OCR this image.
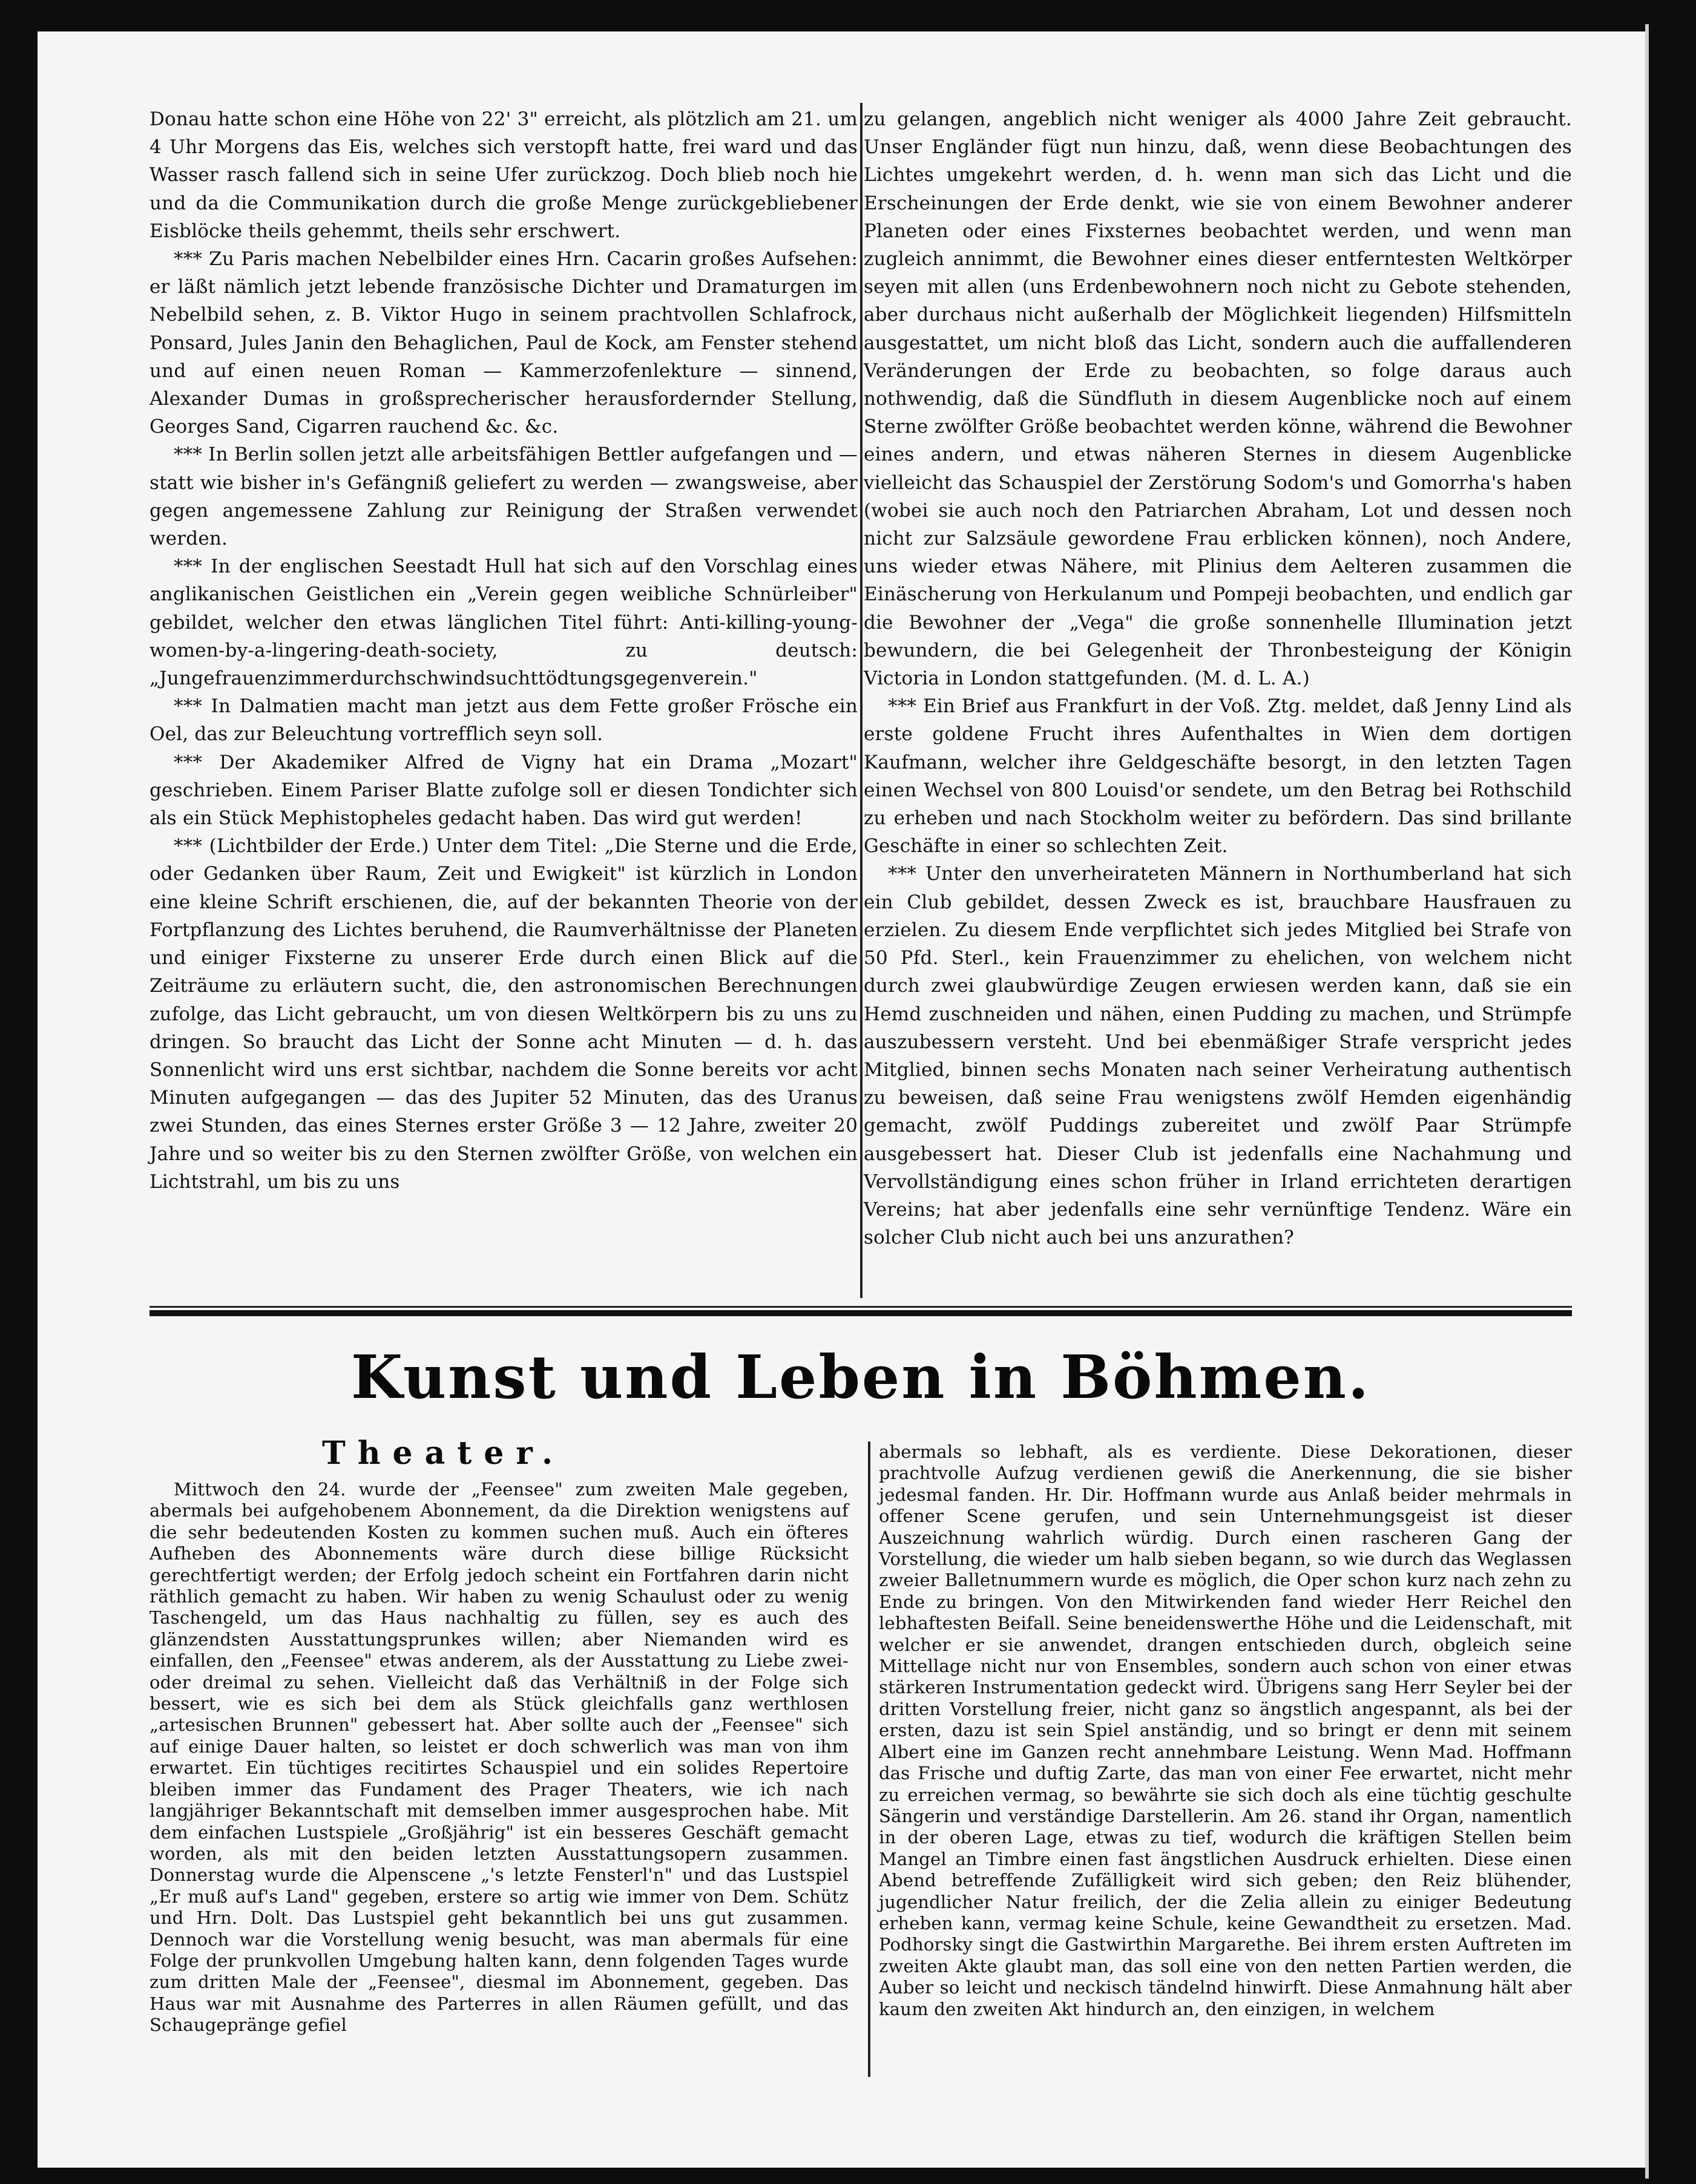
Donau hatte schon eine Höhe von 22' 3" erreicht, als plötzlich am 21. um 4 Uhr Morgens das Eis, welches sich verstopft hatte, frei ward und das Wasser rasch fallend sich in seine Ufer zurückzog. Doch blieb noch hie und da die Communikation durch die große Menge zurückgebliebener Eisblöcke theils gehemmt, theils sehr erschwert.

*** Zu Paris machen Nebelbilder eines Hrn. Cacarin großes Aufsehen: er läßt nämlich jetzt lebende französische Dichter und Dramaturgen im Nebelbild sehen, z. B. Viktor Hugo in seinem prachtvollen Schlafrock, Ponsard, Jules Janin den Behaglichen, Paul de Kock, am Fenster stehend und auf einen neuen Roman — Kammerzofenlekture — sinnend, Alexander Dumas in großsprecherischer herausfordernder Stellung, Georges Sand, Cigarren rauchend &c. &c.

*** In Berlin sollen jetzt alle arbeitsfähigen Bettler aufgefangen und — statt wie bisher in's Gefängniß geliefert zu werden — zwangsweise, aber gegen angemessene Zahlung zur Reinigung der Straßen verwendet werden.

*** In der englischen Seestadt Hull hat sich auf den Vorschlag eines anglikanischen Geistlichen ein „Verein gegen weibliche Schnürleiber" gebildet, welcher den etwas länglichen Titel führt: Anti-killing-young-women-by-a-lingering-death-society, zu deutsch: „Jungefrauenzimmerdurchschwindsuchttödtungsgegenverein."

*** In Dalmatien macht man jetzt aus dem Fette großer Frösche ein Oel, das zur Beleuchtung vortrefflich seyn soll.

*** Der Akademiker Alfred de Vigny hat ein Drama „Mozart" geschrieben. Einem Pariser Blatte zufolge soll er diesen Tondichter sich als ein Stück Mephistopheles gedacht haben. Das wird gut werden!

*** (Lichtbilder der Erde.) Unter dem Titel: „Die Sterne und die Erde, oder Gedanken über Raum, Zeit und Ewigkeit" ist kürzlich in London eine kleine Schrift erschienen, die, auf der bekannten Theorie von der Fortpflanzung des Lichtes beruhend, die Raumverhältnisse der Planeten und einiger Fixsterne zu unserer Erde durch einen Blick auf die Zeiträume zu erläutern sucht, die, den astronomischen Berechnungen zufolge, das Licht gebraucht, um von diesen Weltkörpern bis zu uns zu dringen. So braucht das Licht der Sonne acht Minuten — d. h. das Sonnenlicht wird uns erst sichtbar, nachdem die Sonne bereits vor acht Minuten aufgegangen — das des Jupiter 52 Minuten, das des Uranus zwei Stunden, das eines Sternes erster Größe 3 — 12 Jahre, zweiter 20 Jahre und so weiter bis zu den Sternen zwölfter Größe, von welchen ein Lichtstrahl, um bis zu uns

zu gelangen, angeblich nicht weniger als 4000 Jahre Zeit gebraucht. Unser Engländer fügt nun hinzu, daß, wenn diese Beobachtungen des Lichtes umgekehrt werden, d. h. wenn man sich das Licht und die Erscheinungen der Erde denkt, wie sie von einem Bewohner anderer Planeten oder eines Fixsternes beobachtet werden, und wenn man zugleich annimmt, die Bewohner eines dieser entferntesten Weltkörper seyen mit allen (uns Erdenbewohnern noch nicht zu Gebote stehenden, aber durchaus nicht außerhalb der Möglichkeit liegenden) Hilfsmitteln ausgestattet, um nicht bloß das Licht, sondern auch die auffallenderen Veränderungen der Erde zu beobachten, so folge daraus auch nothwendig, daß die Sündfluth in diesem Augenblicke noch auf einem Sterne zwölfter Größe beobachtet werden könne, während die Bewohner eines andern, und etwas näheren Sternes in diesem Augenblicke vielleicht das Schauspiel der Zerstörung Sodom's und Gomorrha's haben (wobei sie auch noch den Patriarchen Abraham, Lot und dessen noch nicht zur Salzsäule gewordene Frau erblicken können), noch Andere, uns wieder etwas Nähere, mit Plinius dem Aelteren zusammen die Einäscherung von Herkulanum und Pompeji beobachten, und endlich gar die Bewohner der „Vega" die große sonnenhelle Illumination jetzt bewundern, die bei Gelegenheit der Thronbesteigung der Königin Victoria in London stattgefunden. (M. d. L. A.)

*** Ein Brief aus Frankfurt in der Voß. Ztg. meldet, daß Jenny Lind als erste goldene Frucht ihres Aufenthaltes in Wien dem dortigen Kaufmann, welcher ihre Geldgeschäfte besorgt, in den letzten Tagen einen Wechsel von 800 Louisd'or sendete, um den Betrag bei Rothschild zu erheben und nach Stockholm weiter zu befördern. Das sind brillante Geschäfte in einer so schlechten Zeit.

*** Unter den unverheirateten Männern in Northumberland hat sich ein Club gebildet, dessen Zweck es ist, brauchbare Hausfrauen zu erzielen. Zu diesem Ende verpflichtet sich jedes Mitglied bei Strafe von 50 Pfd. Sterl., kein Frauenzimmer zu ehelichen, von welchem nicht durch zwei glaubwürdige Zeugen erwiesen werden kann, daß sie ein Hemd zuschneiden und nähen, einen Pudding zu machen, und Strümpfe auszubessern versteht. Und bei ebenmäßiger Strafe verspricht jedes Mitglied, binnen sechs Monaten nach seiner Verheiratung authentisch zu beweisen, daß seine Frau wenigstens zwölf Hemden eigenhändig gemacht, zwölf Puddings zubereitet und zwölf Paar Strümpfe ausgebessert hat. Dieser Club ist jedenfalls eine Nachahmung und Vervollständigung eines schon früher in Irland errichteten derartigen Vereins; hat aber jedenfalls eine sehr vernünftige Tendenz. Wäre ein solcher Club nicht auch bei uns anzurathen?

Kunst und Leben in Böhmen.
Theater.

Mittwoch den 24. wurde der „Feensee" zum zweiten Male gegeben, abermals bei aufgehobenem Abonnement, da die Direktion wenigstens auf die sehr bedeutenden Kosten zu kommen suchen muß. Auch ein öfteres Aufheben des Abonnements wäre durch diese billige Rücksicht gerechtfertigt werden; der Erfolg jedoch scheint ein Fortfahren darin nicht räthlich gemacht zu haben. Wir haben zu wenig Schaulust oder zu wenig Taschengeld, um das Haus nachhaltig zu füllen, sey es auch des glänzendsten Ausstattungsprunkes willen; aber Niemanden wird es einfallen, den „Feensee" etwas anderem, als der Ausstattung zu Liebe zwei- oder dreimal zu sehen. Vielleicht daß das Verhältniß in der Folge sich bessert, wie es sich bei dem als Stück gleichfalls ganz werthlosen „artesischen Brunnen" gebessert hat. Aber sollte auch der „Feensee" sich auf einige Dauer halten, so leistet er doch schwerlich was man von ihm erwartet. Ein tüchtiges recitirtes Schauspiel und ein solides Repertoire bleiben immer das Fundament des Prager Theaters, wie ich nach langjähriger Bekanntschaft mit demselben immer ausgesprochen habe. Mit dem einfachen Lustspiele „Großjährig" ist ein besseres Geschäft gemacht worden, als mit den beiden letzten Ausstattungsopern zusammen. Donnerstag wurde die Alpenscene „'s letzte Fensterl'n" und das Lustspiel „Er muß auf's Land" gegeben, erstere so artig wie immer von Dem. Schütz und Hrn. Dolt. Das Lustspiel geht bekanntlich bei uns gut zusammen. Dennoch war die Vorstellung wenig besucht, was man abermals für eine Folge der prunkvollen Umgebung halten kann, denn folgenden Tages wurde zum dritten Male der „Feensee", diesmal im Abonnement, gegeben. Das Haus war mit Ausnahme des Parterres in allen Räumen gefüllt, und das Schaugepränge gefiel

abermals so lebhaft, als es verdiente. Diese Dekorationen, dieser prachtvolle Aufzug verdienen gewiß die Anerkennung, die sie bisher jedesmal fanden. Hr. Dir. Hoffmann wurde aus Anlaß beider mehrmals in offener Scene gerufen, und sein Unternehmungsgeist ist dieser Auszeichnung wahrlich würdig. Durch einen rascheren Gang der Vorstellung, die wieder um halb sieben begann, so wie durch das Weglassen zweier Balletnummern wurde es möglich, die Oper schon kurz nach zehn zu Ende zu bringen. Von den Mitwirkenden fand wieder Herr Reichel den lebhaftesten Beifall. Seine beneidenswerthe Höhe und die Leidenschaft, mit welcher er sie anwendet, drangen entschieden durch, obgleich seine Mittellage nicht nur von Ensembles, sondern auch schon von einer etwas stärkeren Instrumentation gedeckt wird. Übrigens sang Herr Seyler bei der dritten Vorstellung freier, nicht ganz so ängstlich angespannt, als bei der ersten, dazu ist sein Spiel anständig, und so bringt er denn mit seinem Albert eine im Ganzen recht annehmbare Leistung. Wenn Mad. Hoffmann das Frische und duftig Zarte, das man von einer Fee erwartet, nicht mehr zu erreichen vermag, so bewährte sie sich doch als eine tüchtig geschulte Sängerin und verständige Darstellerin. Am 26. stand ihr Organ, namentlich in der oberen Lage, etwas zu tief, wodurch die kräftigen Stellen beim Mangel an Timbre einen fast ängstlichen Ausdruck erhielten. Diese einen Abend betreffende Zufälligkeit wird sich geben; den Reiz blühender, jugendlicher Natur freilich, der die Zelia allein zu einiger Bedeutung erheben kann, vermag keine Schule, keine Gewandtheit zu ersetzen. Mad. Podhorsky singt die Gastwirthin Margarethe. Bei ihrem ersten Auftreten im zweiten Akte glaubt man, das soll eine von den netten Partien werden, die Auber so leicht und neckisch tändelnd hinwirft. Diese Anmahnung hält aber kaum den zweiten Akt hindurch an, den einzigen, in welchem
